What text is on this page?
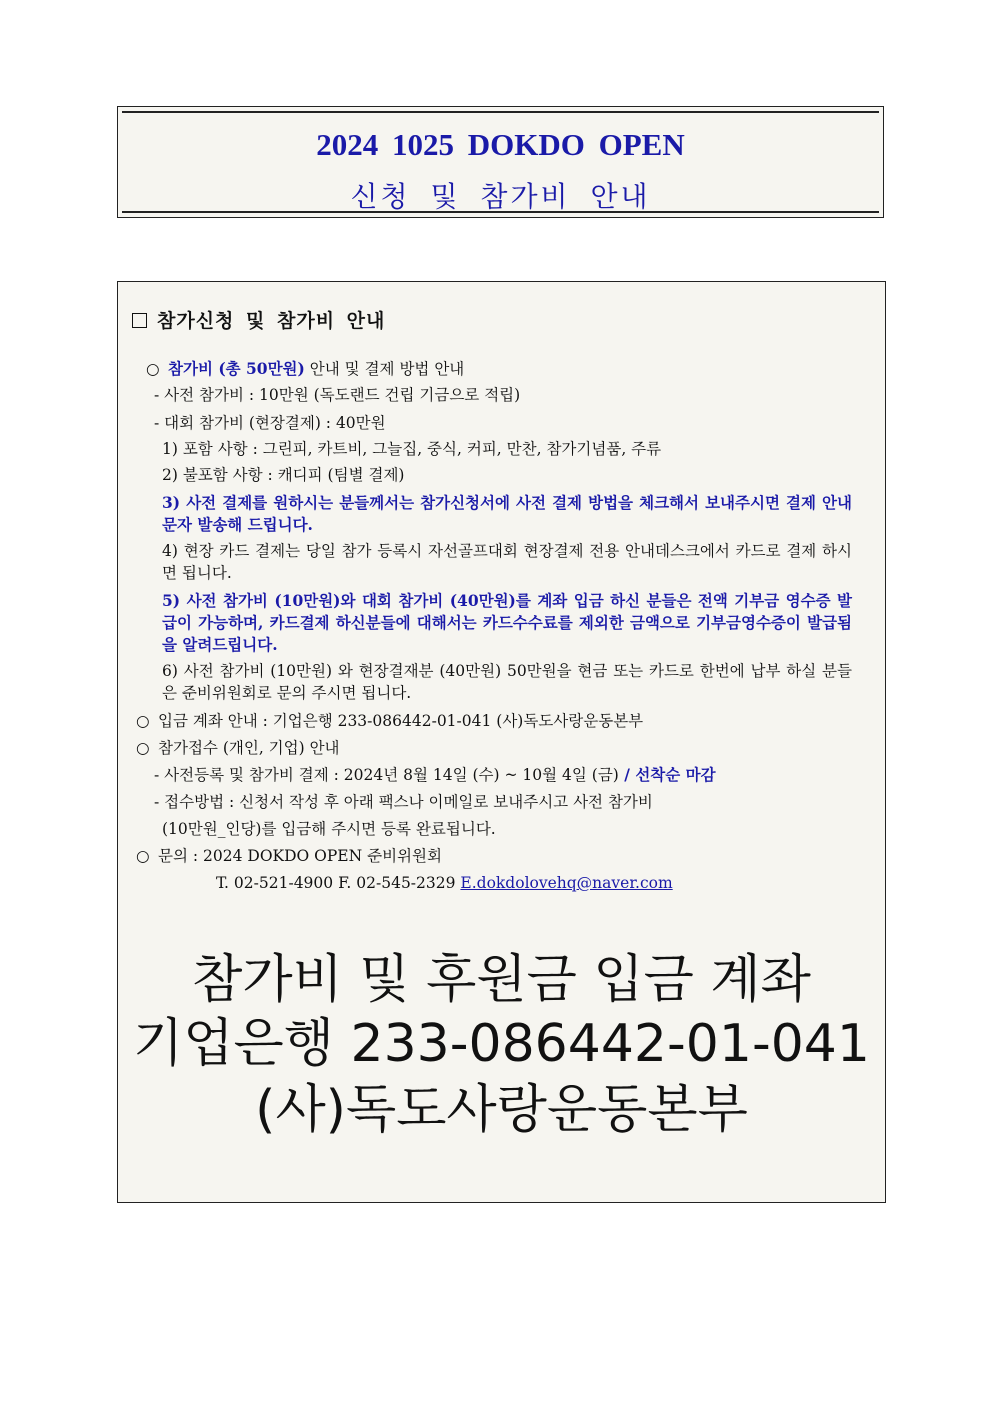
2024 1025 DOKDO OPEN
신청 및 참가비 안내
참가신청 및 참가비 안내
○ 참가비 (총 50만원) 안내 및 결제 방법 안내
- 사전 참가비 : 10만원 (독도랜드 건립 기금으로 적립)
- 대회 참가비 (현장결제) : 40만원
1) 포함 사항 : 그린피, 카트비, 그늘집, 중식, 커피, 만찬, 참가기념품, 주류
2) 불포함 사항 : 캐디피 (팀별 결제)
3) 사전 결제를 원하시는 분들께서는 참가신청서에 사전 결제 방법을 체크해서 보내주시면 결제 안내 문자 발송해 드립니다.
4) 현장 카드 결제는 당일 참가 등록시 자선골프대회 현장결제 전용 안내데스크에서 카드로 결제 하시면 됩니다.
5) 사전 참가비 (10만원)와 대회 참가비 (40만원)를 계좌 입금 하신 분들은 전액 기부금 영수증 발급이 가능하며, 카드결제 하신분들에 대해서는 카드수수료를 제외한 금액으로 기부금영수증이 발급됨을 알려드립니다.
6) 사전 참가비 (10만원) 와 현장결재분 (40만원) 50만원을 현금 또는 카드로 한번에 납부 하실 분들은 준비위원회로 문의 주시면 됩니다.
○ 입금 계좌 안내 : 기업은행 233-086442-01-041 (사)독도사랑운동본부
○ 참가접수 (개인, 기업) 안내
- 사전등록 및 참가비 결제 : 2024년 8월 14일 (수) ~ 10월 4일 (금) / 선착순 마감
- 접수방법 : 신청서 작성 후 아래 팩스나 이메일로 보내주시고 사전 참가비
(10만원_인당)를 입금해 주시면 등록 완료됩니다.
○ 문의 : 2024 DOKDO OPEN 준비위원회
T. 02-521-4900 F. 02-545-2329 E.dokdolovehq@naver.com
참가비 및 후원금 입금 계좌
기업은행 233-086442-01-041
(사)독도사랑운동본부
